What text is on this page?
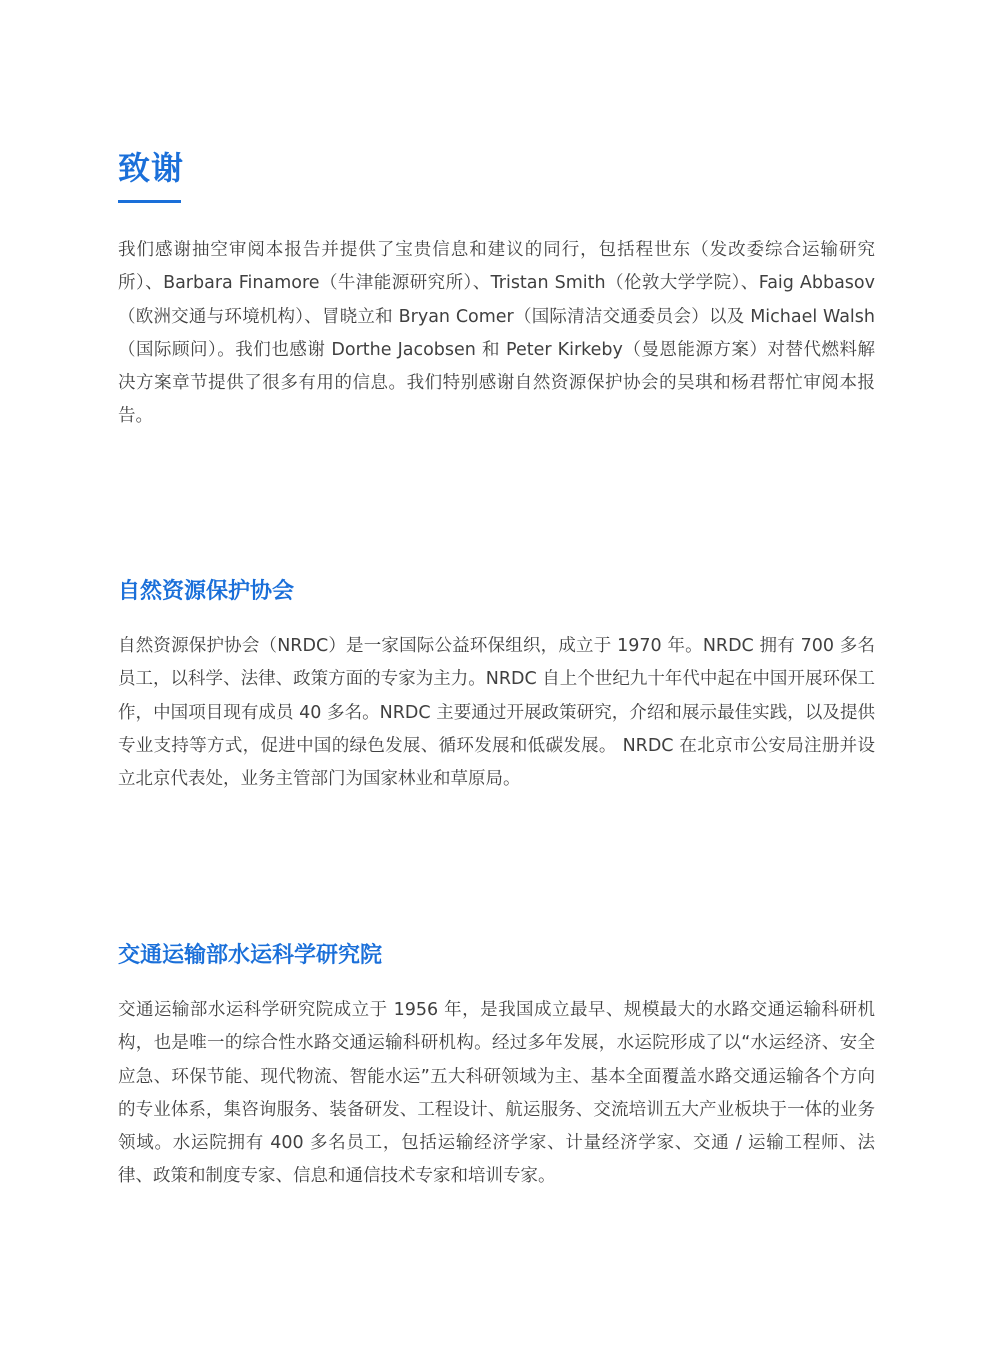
致谢

我们感谢抽空审阅本报告并提供了宝贵信息和建议的同行，包括程世东（发改委综合运输研究所）、Barbara Finamore（牛津能源研究所）、Tristan Smith（伦敦大学学院）、Faig Abbasov（欧洲交通与环境机构）、冒晓立和 Bryan Comer（国际清洁交通委员会）以及 Michael Walsh（国际顾问）。我们也感谢 Dorthe Jacobsen 和 Peter Kirkeby（曼恩能源方案）对替代燃料解决方案章节提供了很多有用的信息。我们特别感谢自然资源保护协会的吴琪和杨君帮忙审阅本报告。

自然资源保护协会

自然资源保护协会（NRDC）是一家国际公益环保组织，成立于 1970 年。NRDC 拥有 700 多名员工，以科学、法律、政策方面的专家为主力。NRDC 自上个世纪九十年代中起在中国开展环保工作，中国项目现有成员 40 多名。NRDC 主要通过开展政策研究，介绍和展示最佳实践，以及提供专业支持等方式，促进中国的绿色发展、循环发展和低碳发展。 NRDC 在北京市公安局注册并设立北京代表处，业务主管部门为国家林业和草原局。

交通运输部水运科学研究院

交通运输部水运科学研究院成立于 1956 年，是我国成立最早、规模最大的水路交通运输科研机构，也是唯一的综合性水路交通运输科研机构。经过多年发展，水运院形成了以“水运经济、安全应急、环保节能、现代物流、智能水运”五大科研领域为主、基本全面覆盖水路交通运输各个方向的专业体系，集咨询服务、装备研发、工程设计、航运服务、交流培训五大产业板块于一体的业务领域。水运院拥有 400 多名员工，包括运输经济学家、计量经济学家、交通 / 运输工程师、法律、政策和制度专家、信息和通信技术专家和培训专家。
